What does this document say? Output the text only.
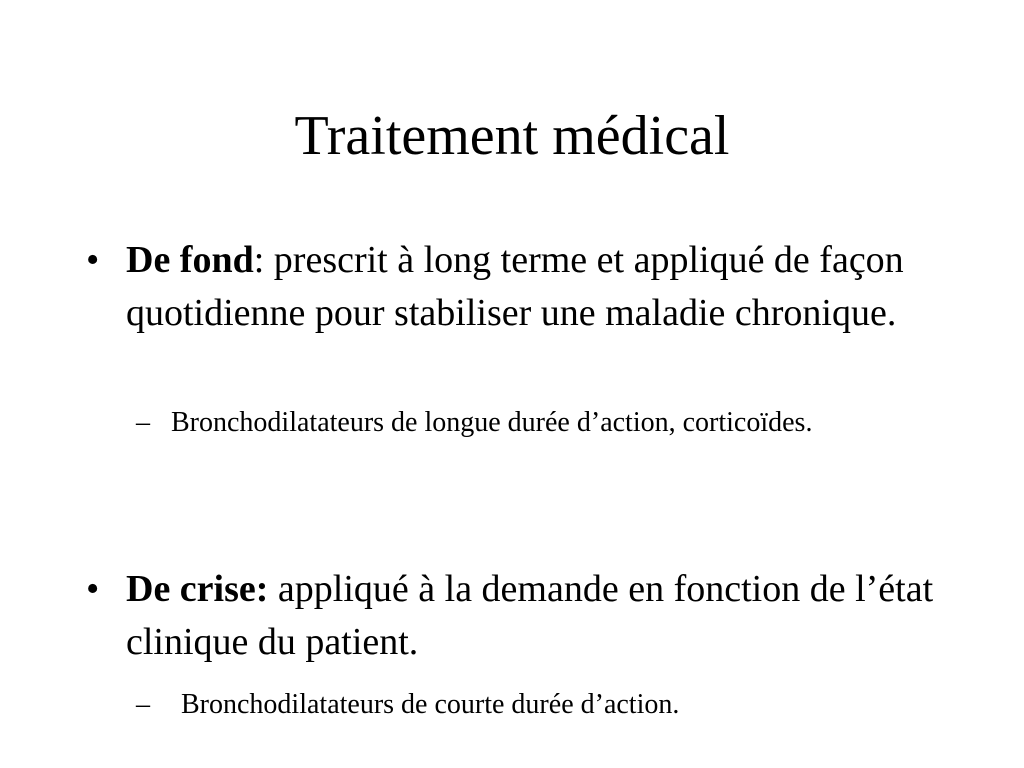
Traitement médical
• De fond: prescrit à long terme et appliqué de façon quotidienne pour stabiliser une maladie chronique.
– Bronchodilatateurs de longue durée d’action, corticoïdes.
• De crise: appliqué à la demande en fonction de l’état clinique du patient.
– Bronchodilatateurs de courte durée d’action.
